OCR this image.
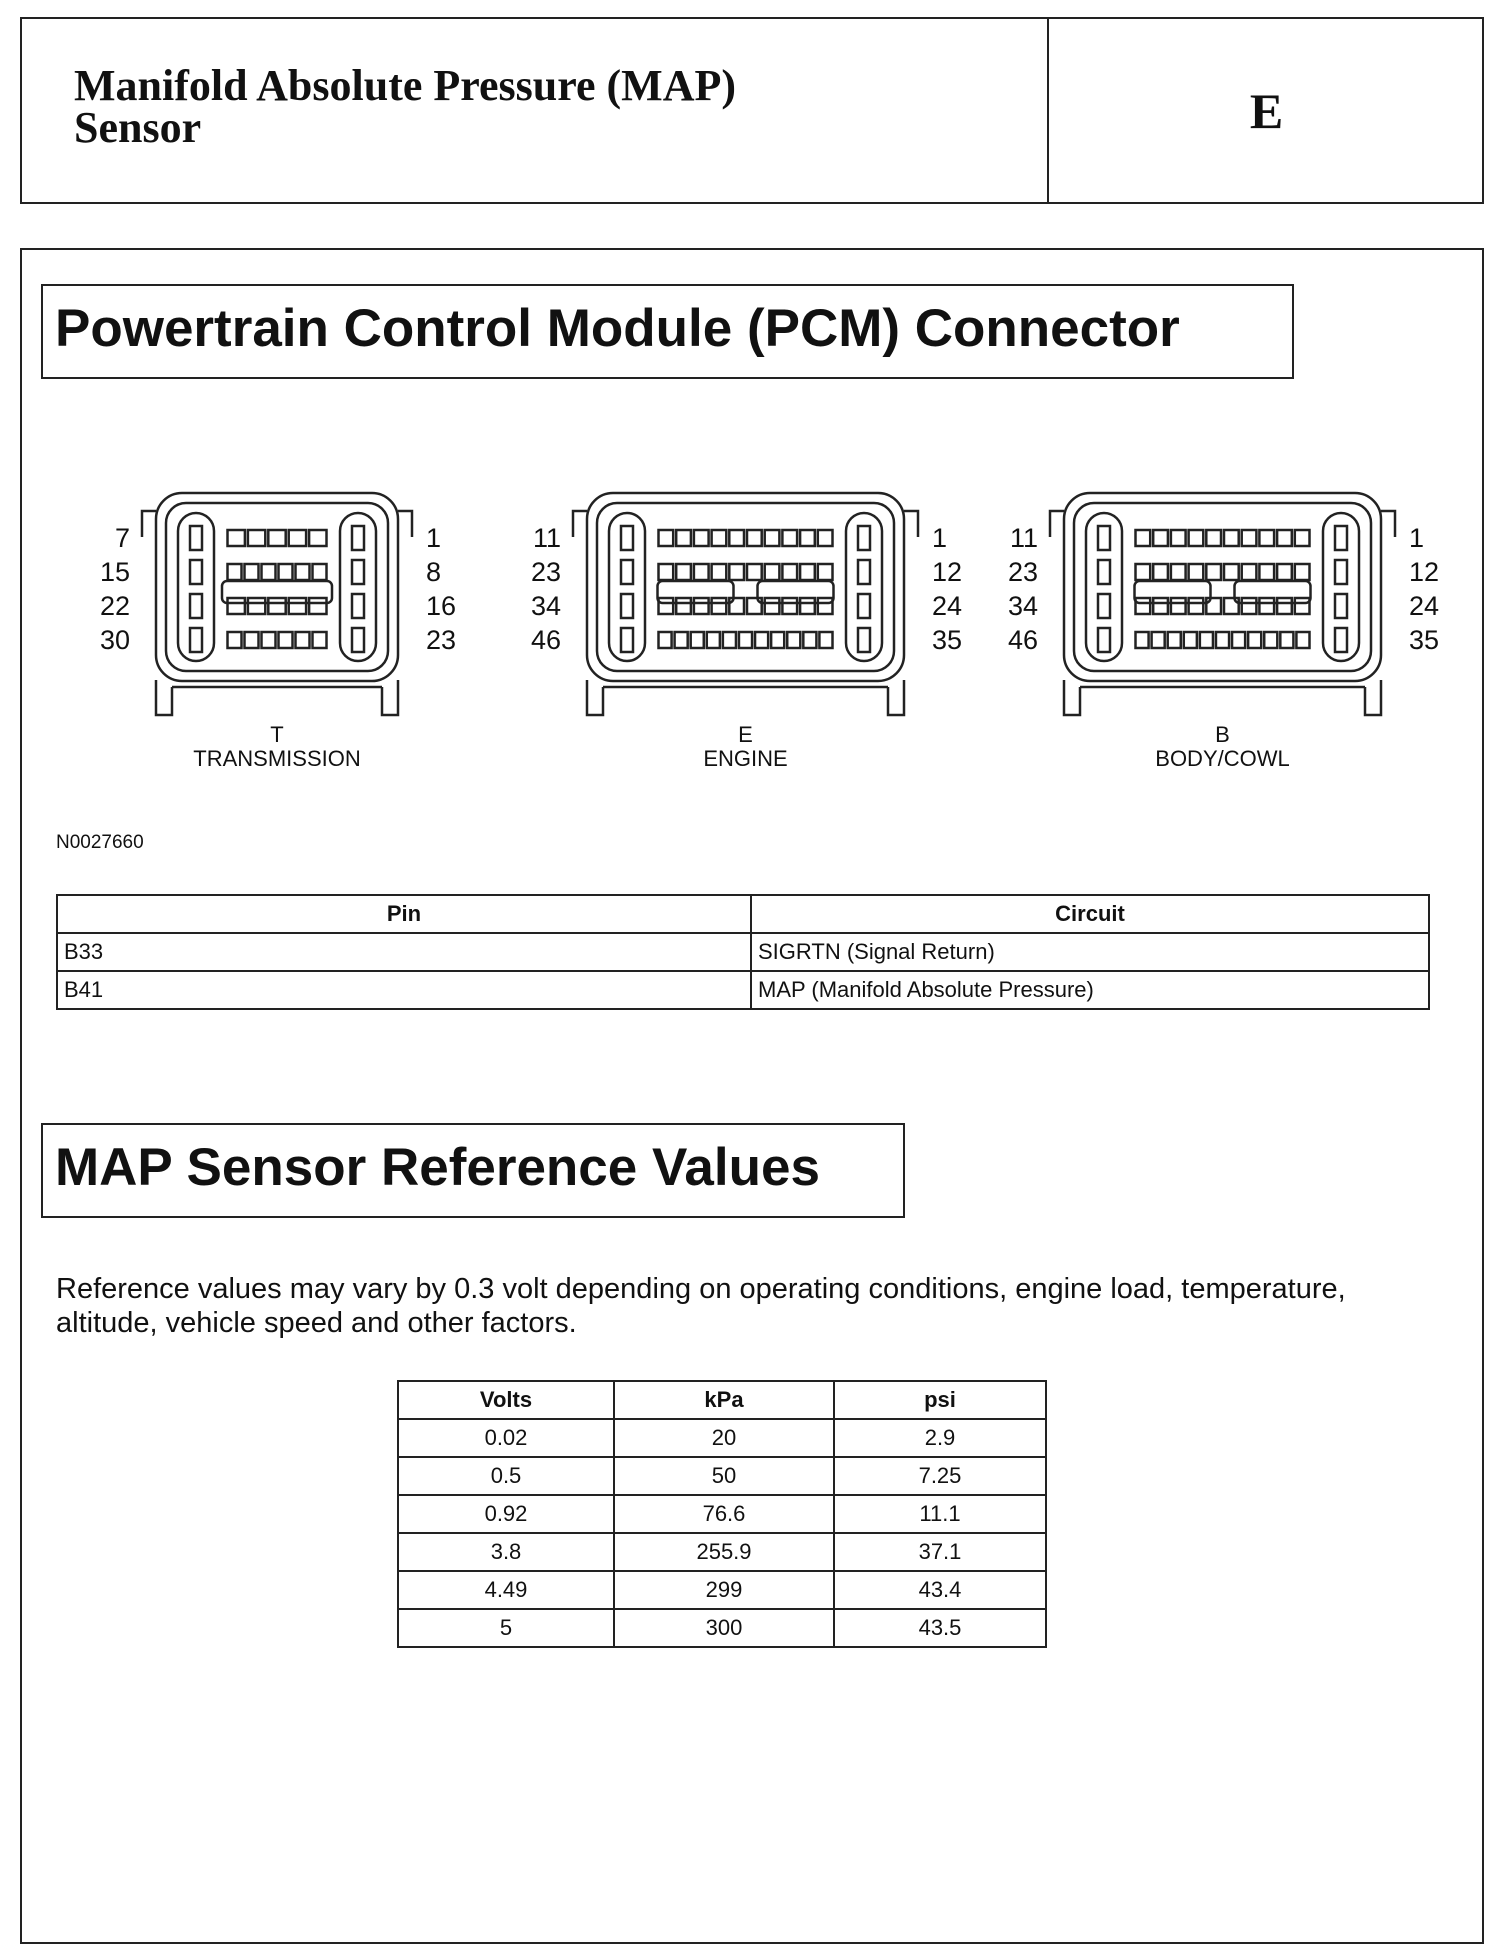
Manifold Absolute Pressure (MAP)
Sensor	E
Powertrain Control Module (PCM) Connector
7
15
22
30
1
8
16
23
T
TRANSMISSION
11
23
34
46
1
12
24
35
E
ENGINE
11
23
34
46
1
12
24
35
B
BODY/COWL
N0027660
Pin	Circuit
B33	SIGRTN (Signal Return)
B41	MAP (Manifold Absolute Pressure)
MAP Sensor Reference Values
Reference values may vary by 0.3 volt depending on operating conditions, engine load, temperature, altitude, vehicle speed and other factors.
Volts	kPa	psi
0.02	20	2.9
0.5	50	7.25
0.92	76.6	11.1
3.8	255.9	37.1
4.49	299	43.4
5	300	43.5
